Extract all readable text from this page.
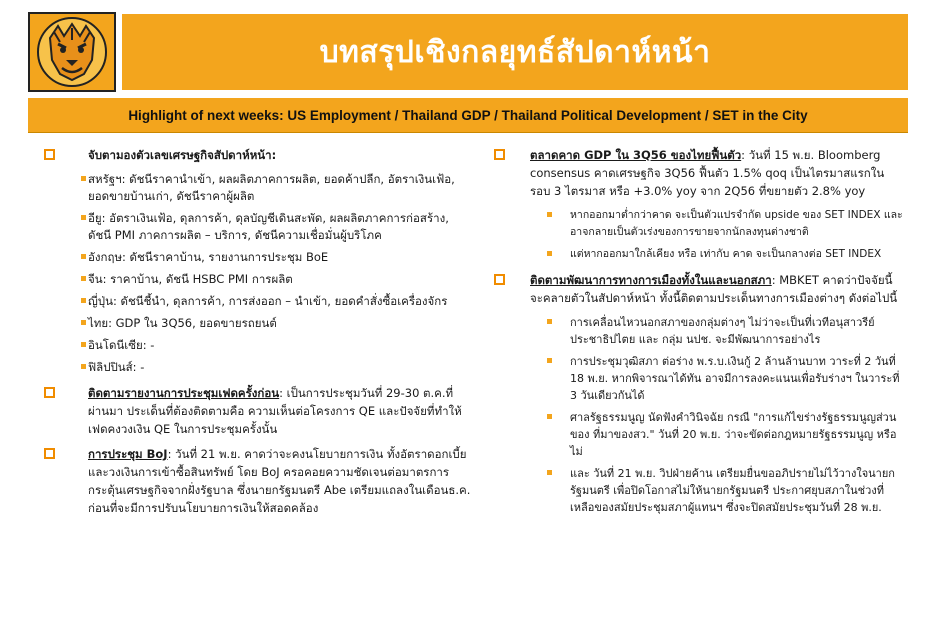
บทสรุปเชิงกลยุทธ์สัปดาห์หน้า
Highlight of next weeks: US Employment / Thailand GDP / Thailand Political Development / SET in the City
จับตามองตัวเลขเศรษฐกิจสัปดาห์หน้า:
สหรัฐฯ: ดัชนีราคานำเข้า, ผลผลิตภาคการผลิต, ยอดค้าปลีก, อัตราเงินเฟ้อ, ยอดขายบ้านเก่า, ดัชนีราคาผู้ผลิต
อียู: อัตราเงินเฟ้อ, ดุลการค้า, ดุลบัญชีเดินสะพัด, ผลผลิตภาคการก่อสร้าง, ดัชนี PMI ภาคการผลิต – บริการ, ดัชนีความเชื่อมั่นผู้บริโภค
อังกฤษ: ดัชนีราคาบ้าน, รายงานการประชุม BoE
จีน: ราคาบ้าน, ดัชนี HSBC PMI การผลิต
ญี่ปุ่น: ดัชนีชี้นำ, ดุลการค้า, การส่งออก – นำเข้า, ยอดคำสั่งซื้อเครื่องจักร
ไทย: GDP ใน 3Q56, ยอดขายรถยนต์
อินโดนีเซีย: -
ฟิลิปปินส์: -
ติดตามรายงานการประชุมเฟดครั้งก่อน: เป็นการประชุมวันที่ 29-30 ต.ค.ที่ผ่านมา ประเด็นที่ต้องติดตามคือ ความเห็นต่อโครงการ QE และปัจจัยที่ทำให้เฟดคงวงเงิน QE ในการประชุมครั้งนั้น
การประชุม BoJ: วันที่ 21 พ.ย. คาดว่าจะคงนโยบายการเงิน ทั้งอัตราดอกเบี้ย และวงเงินการเข้าซื้อสินทรัพย์ โดย BoJ ครอคอยความชัดเจนต่อมาตรการกระตุ้นเศรษฐกิจจากฝั่งรัฐบาล ซึ่งนายกรัฐมนตรี Abe เตรียมแถลงในเดือนธ.ค. ก่อนที่จะมีการปรับนโยบายการเงินให้สอดคล้อง
ตลาดคาด GDP ใน 3Q56 ของไทยฟื้นตัว: วันที่ 15 พ.ย. Bloomberg consensus คาดเศรษฐกิจ 3Q56 ฟื้นตัว 1.5% qoq เป็นไตรมาสแรกในรอบ 3 ไตรมาส หรือ +3.0% yoy จาก 2Q56 ที่ขยายตัว 2.8% yoy
หากออกมาต่ำกว่าคาด จะเป็นตัวแปรจำกัด upside ของ SET INDEX และอาจกลายเป็นตัวเร่งของการขายจากนักลงทุนต่างชาติ
แต่หากออกมาใกล้เคียง หรือ เท่ากับ คาด จะเป็นกลางต่อ SET INDEX
ติดตามพัฒนาการทางการเมืองทั้งในและนอกสภา: MBKET คาดว่าปัจจัยนี้จะคลายตัวในสัปดาห์หน้า ทั้งนี้ติดตามประเด็นทางการเมืองต่างๆ ดังต่อไปนี้
การเคลื่อนไหวนอกสภาของกลุ่มต่างๆ ไม่ว่าจะเป็นที่เวทีอนุสาวรีย์ประชาธิปไตย และ กลุ่ม นปช. จะมีพัฒนาการอย่างไร
การประชุมวุฒิสภา ต่อร่าง พ.ร.บ.เงินกู้ 2 ล้านล้านบาท วาระที่ 2 วันที่ 18 พ.ย. หากพิจารณาได้ทัน อาจมีการลงคะแนนเพื่อรับร่างฯ ในวาระที่ 3 วันเดียวกันได้
ศาลรัฐธรรมนูญ นัดฟังคำวินิจฉัย กรณี "การแก้ไขร่างรัฐธรรมนูญส่วนของ ที่มาของสว." วันที่ 20 พ.ย. ว่าจะขัดต่อกฎหมายรัฐธรรมนูญ หรือไม่
และ วันที่ 21 พ.ย. วิปฝ่ายค้าน เตรียมยื่นขออภิปรายไม่ไว้วางใจนายกรัฐมนตรี เพื่อปิดโอกาสไม่ให้นายกรัฐมนตรี ประกาศยุบสภาในช่วงที่เหลือของสมัยประชุมสภาผู้แทนฯ ซึ่งจะปิดสมัยประชุมวันที่ 28 พ.ย.
